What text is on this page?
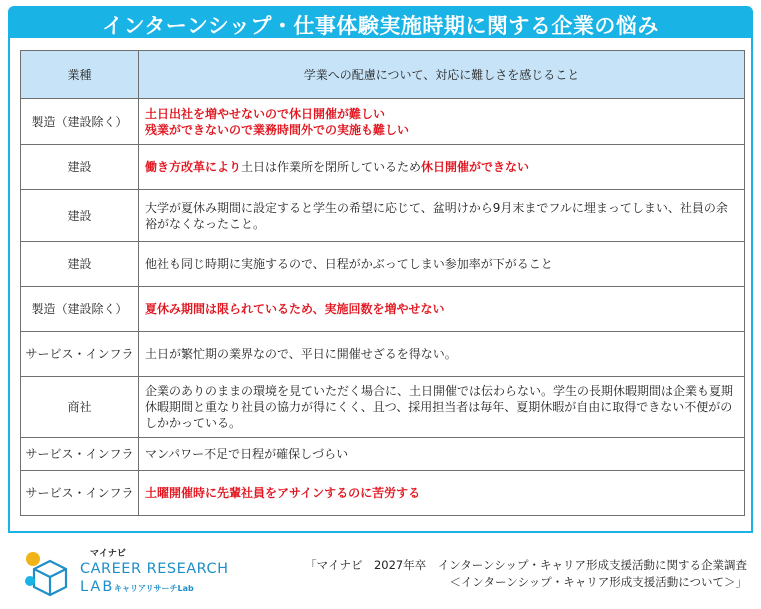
インターンシップ・仕事体験実施時期に関する企業の悩み
業種	学業への配慮について、対応に難しさを感じること
製造（建設除く）	土日出社を増やせないので休日開催が難しい
残業ができないので業務時間外での実施も難しい
建設	働き方改革により土日は作業所を閉所しているため休日開催ができない
建設	大学が夏休み期間に設定すると学生の希望に応じて、盆明けから9月末までフルに埋まってしまい、社員の余裕がなくなったこと。
建設	他社も同じ時期に実施するので、日程がかぶってしまい参加率が下がること
製造（建設除く）	夏休み期間は限られているため、実施回数を増やせない
サービス・インフラ	土日が繁忙期の業界なので、平日に開催せざるを得ない。
商社	企業のありのままの環境を見ていただく場合に、土日開催では伝わらない。学生の長期休暇期間は企業も夏期休暇期間と重なり社員の協力が得にくく、且つ、採用担当者は毎年、夏期休暇が自由に取得できない不便がのしかかっている。
サービス・インフラ	マンパワー不足で日程が確保しづらい
サービス・インフラ	土曜開催時に先輩社員をアサインするのに苦労する
マイナビ
CAREER RESEARCH
LAB キャリアリサーチLab
「マイナビ　2027年卒　インターンシップ・キャリア形成支援活動に関する企業調査
＜インターンシップ・キャリア形成支援活動について＞」
